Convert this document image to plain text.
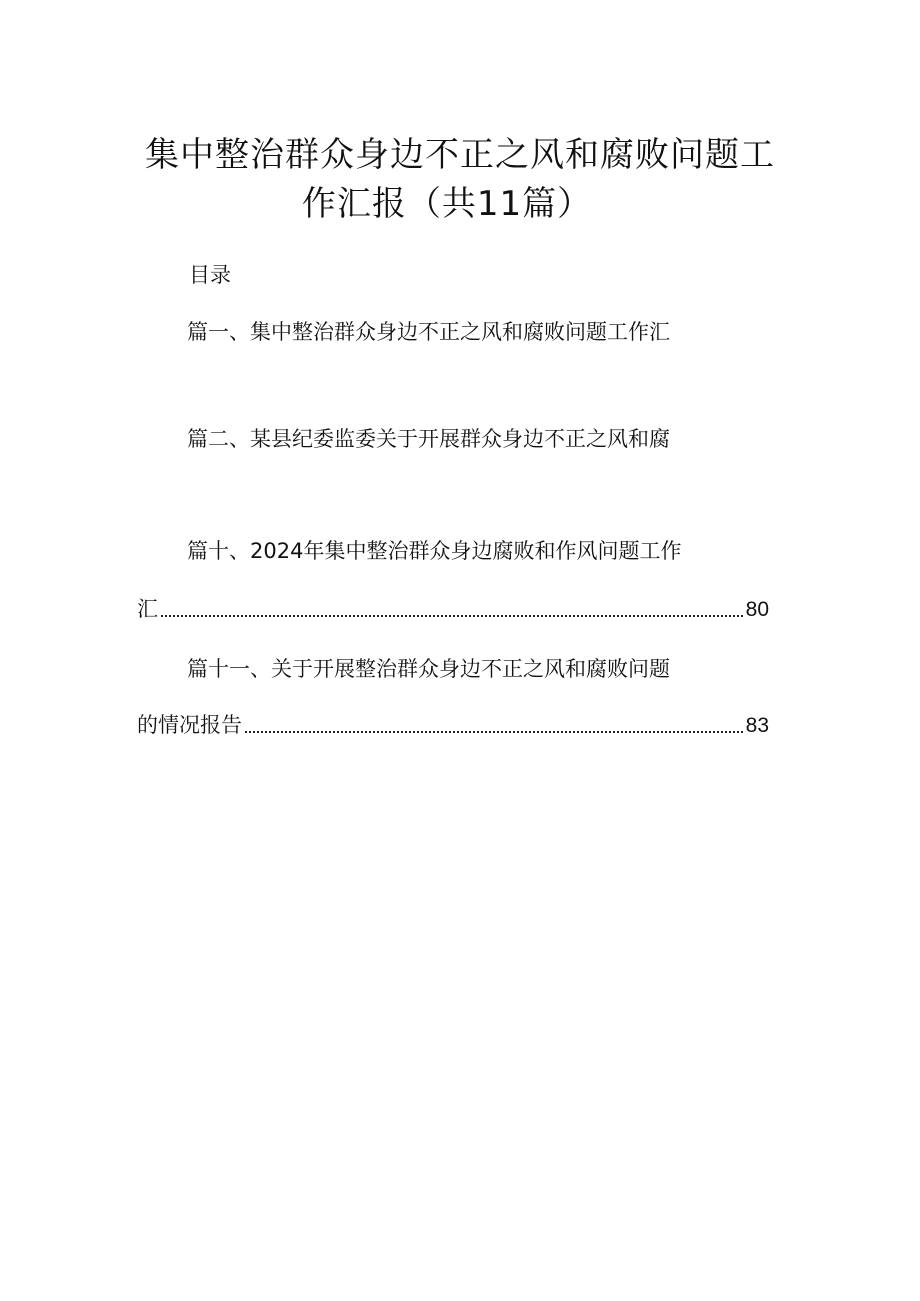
集中整治群众身边不正之风和腐败问题工
作汇报（共11篇）
目录
篇一、集中整治群众身边不正之风和腐败问题工作汇
篇二、某县纪委监委关于开展群众身边不正之风和腐
篇十、2024年集中整治群众身边腐败和作风问题工作
汇	80
篇十一、关于开展整治群众身边不正之风和腐败问题
的情况报告	83
